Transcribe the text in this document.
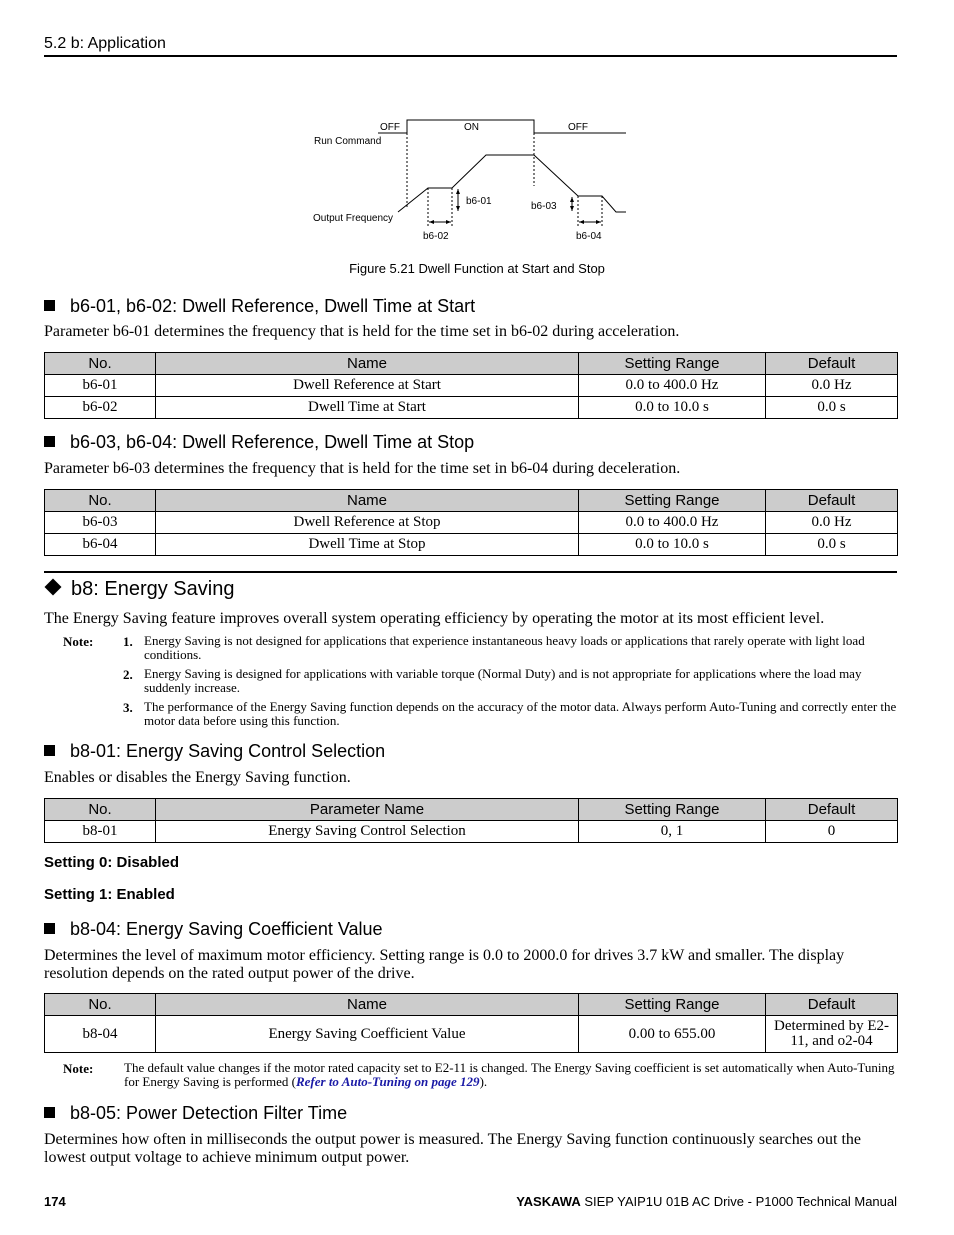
5.2 b: Application
OFF	ON	OFF
Run Command
Output Frequency
b6-01	b6-03
b6-02	b6-04
Figure 5.21 Dwell Function at Start and Stop
b6-01, b6-02: Dwell Reference, Dwell Time at Start
Parameter b6-01 determines the frequency that is held for the time set in b6-02 during acceleration.
No.	Name	Setting Range	Default
b6-01	Dwell Reference at Start	0.0 to 400.0 Hz	0.0 Hz
b6-02	Dwell Time at Start	0.0 to 10.0 s	0.0 s
b6-03, b6-04: Dwell Reference, Dwell Time at Stop
Parameter b6-03 determines the frequency that is held for the time set in b6-04 during deceleration.
No.	Name	Setting Range	Default
b6-03	Dwell Reference at Stop	0.0 to 400.0 Hz	0.0 Hz
b6-04	Dwell Time at Stop	0.0 to 10.0 s	0.0 s
b8: Energy Saving
The Energy Saving feature improves overall system operating efficiency by operating the motor at its most efficient level.
Note: 1. Energy Saving is not designed for applications that experience instantaneous heavy loads or applications that rarely operate with light load conditions.
2. Energy Saving is designed for applications with variable torque (Normal Duty) and is not appropriate for applications where the load may suddenly increase.
3. The performance of the Energy Saving function depends on the accuracy of the motor data. Always perform Auto-Tuning and correctly enter the motor data before using this function.
b8-01: Energy Saving Control Selection
Enables or disables the Energy Saving function.
No.	Parameter Name	Setting Range	Default
b8-01	Energy Saving Control Selection	0, 1	0
Setting 0: Disabled
Setting 1: Enabled
b8-04: Energy Saving Coefficient Value
Determines the level of maximum motor efficiency. Setting range is 0.0 to 2000.0 for drives 3.7 kW and smaller. The display resolution depends on the rated output power of the drive.
No.	Name	Setting Range	Default
b8-04	Energy Saving Coefficient Value	0.00 to 655.00	Determined by E2-11, and o2-04
Note: The default value changes if the motor rated capacity set to E2-11 is changed. The Energy Saving coefficient is set automatically when Auto-Tuning for Energy Saving is performed (Refer to Auto-Tuning on page 129).
b8-05: Power Detection Filter Time
Determines how often in milliseconds the output power is measured. The Energy Saving function continuously searches out the lowest output voltage to achieve minimum output power.
174	YASKAWA SIEP YAIP1U 01B AC Drive - P1000 Technical Manual
